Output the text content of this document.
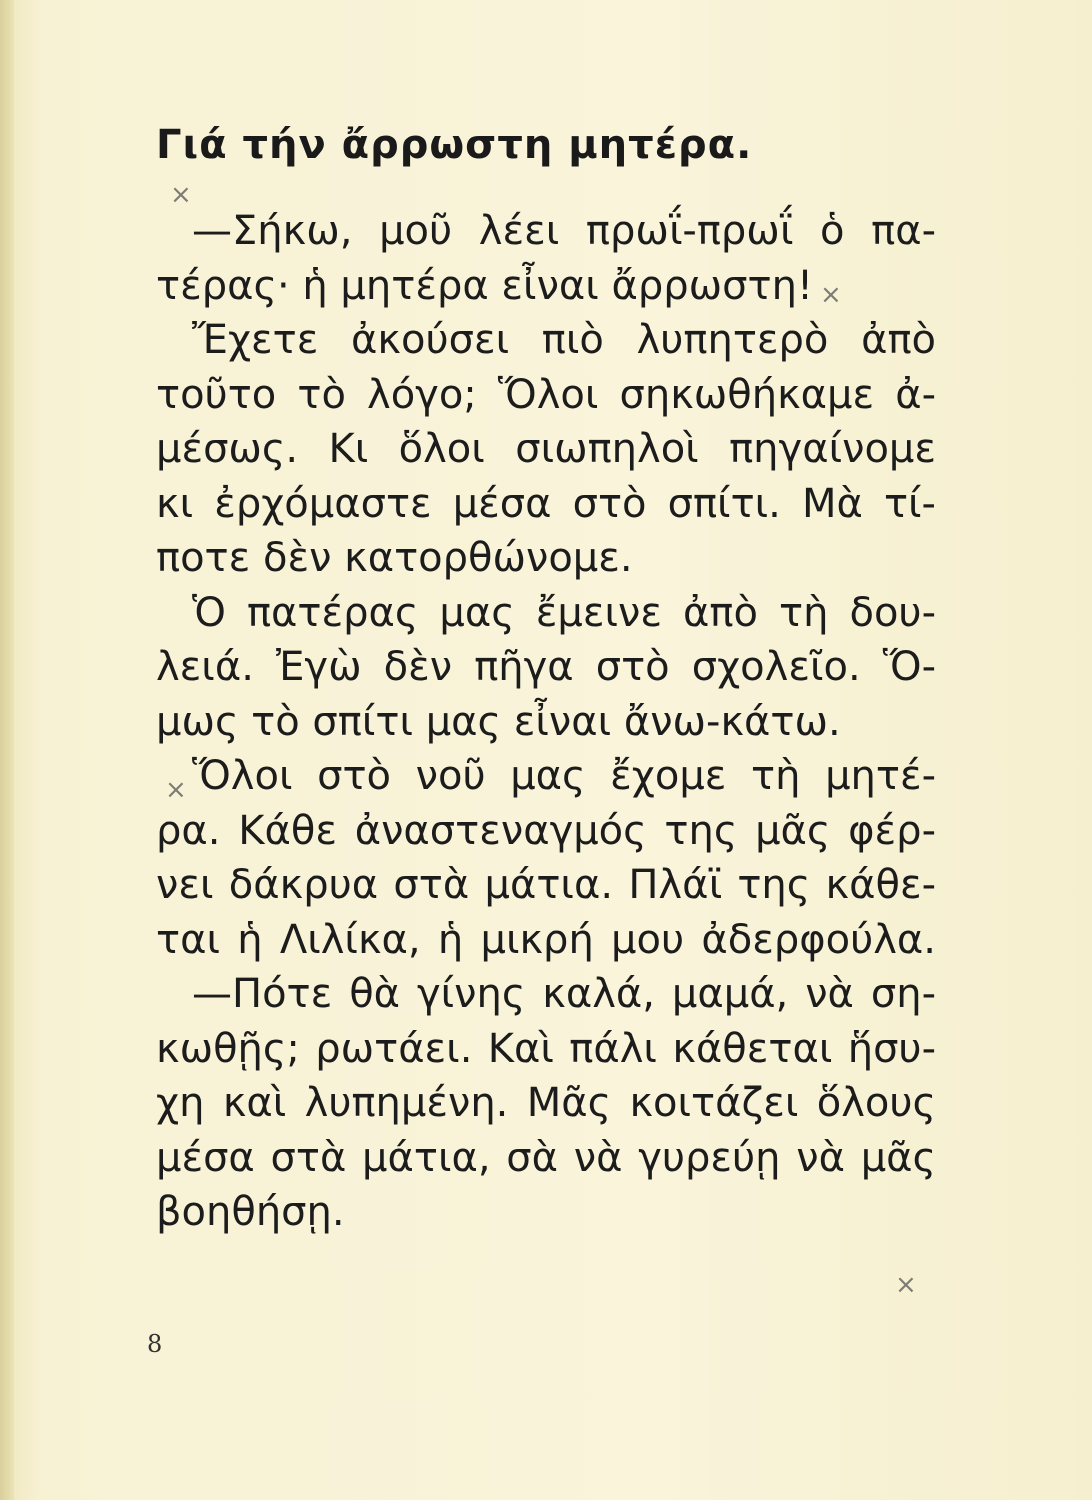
Γιά τήν ἄρρωστη μητέρα.
—Σήκω, μοῦ λέει πρωΐ-πρωΐ ὁ πα-
τέρας· ἡ μητέρα εἶναι ἄρρωστη!
Ἔχετε ἀκούσει πιὸ λυπητερὸ ἀπὸ
τοῦτο τὸ λόγο; Ὅλοι σηκωθήκαμε ἀ-
μέσως. Κι ὅλοι σιωπηλοὶ πηγαίνομε
κι ἐρχόμαστε μέσα στὸ σπίτι. Μὰ τί-
ποτε δὲν κατορθώνομε.
Ὁ πατέρας μας ἔμεινε ἀπὸ τὴ δου-
λειά. Ἐγὼ δὲν πῆγα στὸ σχολεῖο. Ὅ-
μως τὸ σπίτι μας εἶναι ἄνω-κάτω.
Ὅλοι στὸ νοῦ μας ἔχομε τὴ μητέ-
ρα. Κάθε ἀναστεναγμός της μᾶς φέρ-
νει δάκρυα στὰ μάτια. Πλάϊ της κάθε-
ται ἡ Λιλίκα, ἡ μικρή μου ἀδερφούλα.
—Πότε θὰ γίνης καλά, μαμά, νὰ ση-
κωθῇς; ρωτάει. Καὶ πάλι κάθεται ἥσυ-
χη καὶ λυπημένη. Μᾶς κοιτάζει ὅλους
μέσα στὰ μάτια, σὰ νὰ γυρεύῃ νὰ μᾶς
βοηθήσῃ.
8
⨯
⨯
⨯
⨯
